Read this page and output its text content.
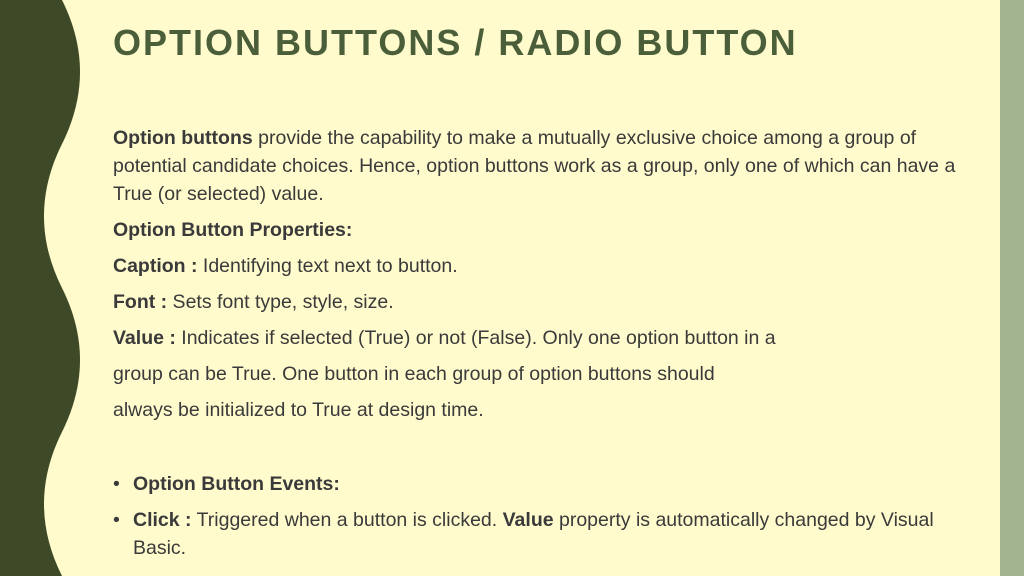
OPTION BUTTONS / RADIO BUTTON

Option buttons provide the capability to make a mutually exclusive choice among a group of potential candidate choices. Hence, option buttons work as a group, only one of which can have a True (or selected) value.

Option Button Properties:

Caption : Identifying text next to button.

Font : Sets font type, style, size.

Value : Indicates if selected (True) or not (False). Only one option button in a

group can be True. One button in each group of option buttons should

always be initialized to True at design time.

• Option Button Events:
• Click : Triggered when a button is clicked. Value property is automatically changed by Visual Basic.
